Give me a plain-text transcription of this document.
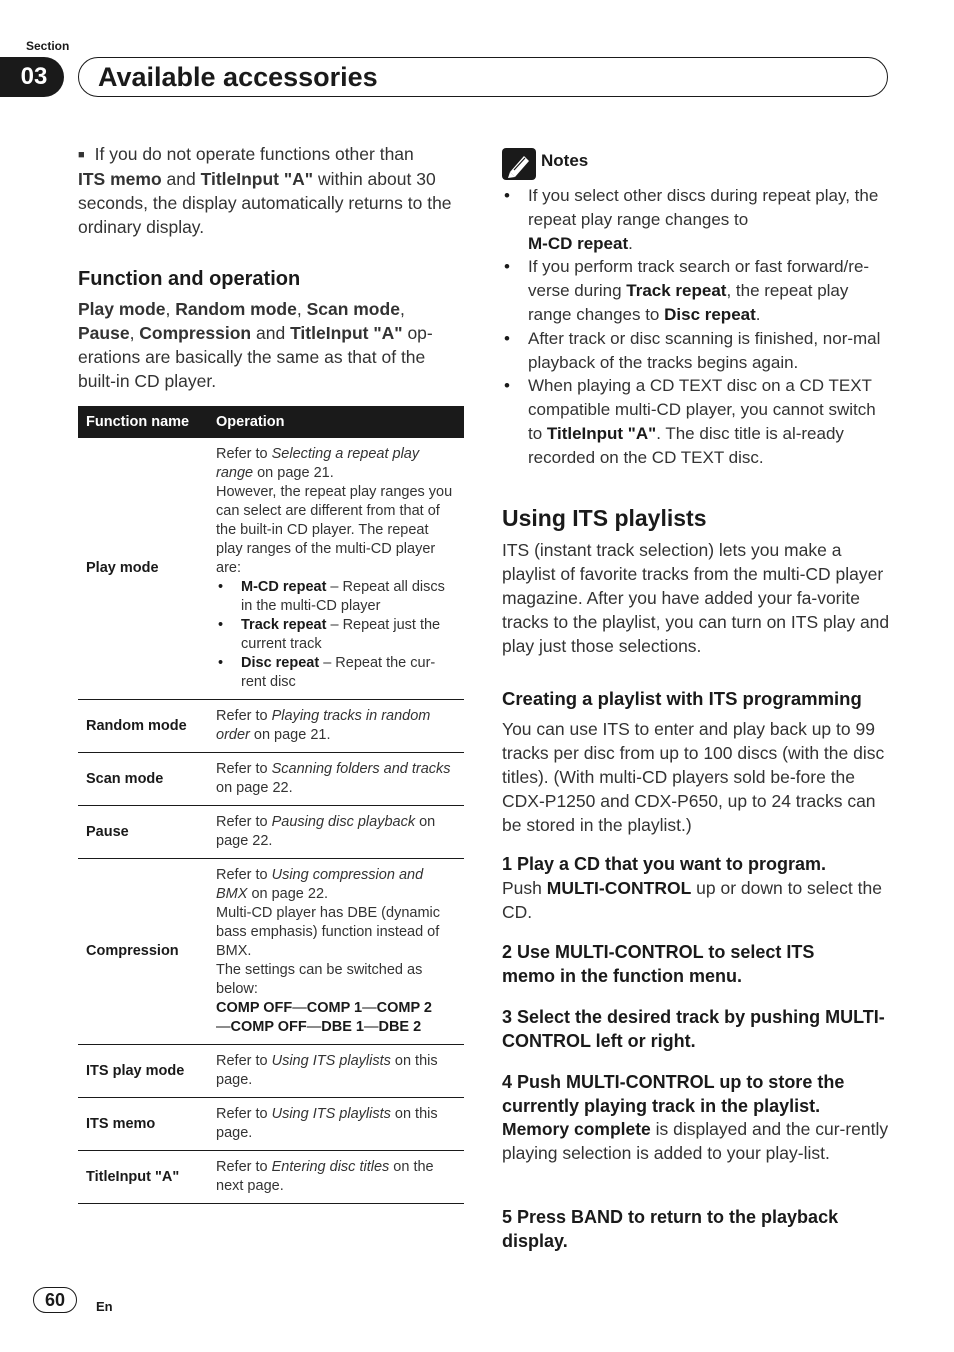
Section
03	Available accessories
■ If you do not operate functions other than
ITS memo and TitleInput "A" within about 30 seconds, the display automatically returns to the ordinary display.
Function and operation
Play mode, Random mode, Scan mode,
Pause, Compression and TitleInput "A" op-erations are basically the same as that of the built-in CD player.
Function name	Operation
Play mode	Refer to Selecting a repeat play range on page 21.
However, the repeat play ranges you can select are different from that of the built-in CD player. The repeat play ranges of the multi-CD player are:
• M-CD repeat – Repeat all discs in the multi-CD player
• Track repeat – Repeat just the current track
• Disc repeat – Repeat the cur-rent disc

Random mode	Refer to Playing tracks in random order on page 21.
Scan mode	Refer to Scanning folders and tracks on page 22.
Pause	Refer to Pausing disc playback on page 22.
Compression	Refer to Using compression and BMX on page 22.
Multi-CD player has DBE (dynamic bass emphasis) function instead of BMX.
The settings can be switched as below:
COMP OFF—COMP 1—COMP 2
—COMP OFF—DBE 1—DBE 2
ITS play mode	Refer to Using ITS playlists on this page.
ITS memo	Refer to Using ITS playlists on this page.
TitleInput "A"	Refer to Entering disc titles on the next page.
Notes
• If you select other discs during repeat play, the repeat play range changes to
M-CD repeat.
• If you perform track search or fast forward/re-verse during Track repeat, the repeat play range changes to Disc repeat.
• After track or disc scanning is finished, nor-mal playback of the tracks begins again.
• When playing a CD TEXT disc on a CD TEXT compatible multi-CD player, you cannot switch to TitleInput "A". The disc title is al-ready recorded on the CD TEXT disc.
Using ITS playlists
ITS (instant track selection) lets you make a playlist of favorite tracks from the multi-CD player magazine. After you have added your fa-vorite tracks to the playlist, you can turn on ITS play and play just those selections.
Creating a playlist with ITS programming
You can use ITS to enter and play back up to 99 tracks per disc from up to 100 discs (with the disc titles). (With multi-CD players sold be-fore the CDX-P1250 and CDX-P650, up to 24 tracks can be stored in the playlist.)
1 Play a CD that you want to program.
Push MULTI-CONTROL up or down to select the CD.
2 Use MULTI-CONTROL to select ITS memo in the function menu.
3 Select the desired track by pushing MULTI-CONTROL left or right.
4 Push MULTI-CONTROL up to store the currently playing track in the playlist.
Memory complete is displayed and the cur-rently playing selection is added to your play-list.
5 Press BAND to return to the playback display.
60	En
